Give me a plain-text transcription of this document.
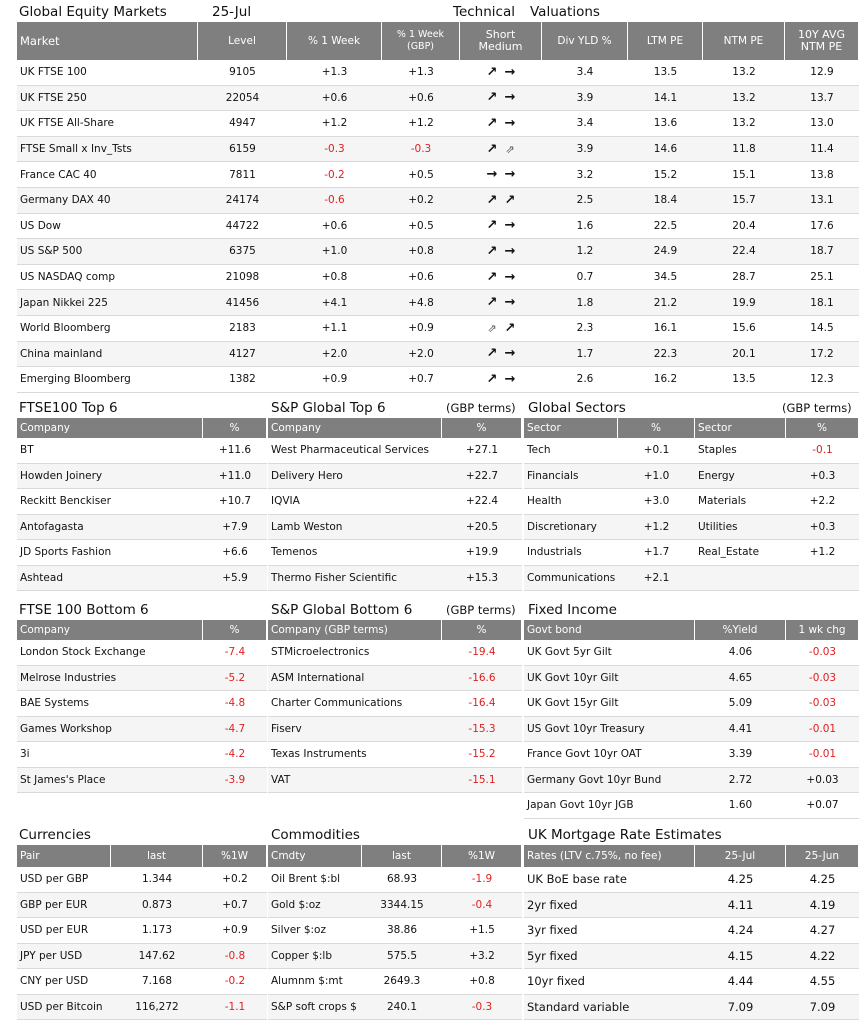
Global Equity Markets	25-Jul	Technical Valuations
Market	Level	% 1 Week	% 1 Week (GBP)	Short Medium	Div YLD %	LTM PE	NTM PE	10Y AVG NTM PE
UK FTSE 100	9105	+1.3	+1.3	↗ →	3.4	13.5	13.2	12.9
UK FTSE 250	22054	+0.6	+0.6	↗ →	3.9	14.1	13.2	13.7
UK FTSE All-Share	4947	+1.2	+1.2	↗ →	3.4	13.6	13.2	13.0
FTSE Small x Inv_Tsts	6159	-0.3	-0.3	↗ ⇗	3.9	14.6	11.8	11.4
France CAC 40	7811	-0.2	+0.5	→ →	3.2	15.2	15.1	13.8
Germany DAX 40	24174	-0.6	+0.2	↗ ↗	2.5	18.4	15.7	13.1
US Dow	44722	+0.6	+0.5	↗ →	1.6	22.5	20.4	17.6
US S&P 500	6375	+1.0	+0.8	↗ →	1.2	24.9	22.4	18.7
US NASDAQ comp	21098	+0.8	+0.6	↗ →	0.7	34.5	28.7	25.1
Japan Nikkei 225	41456	+4.1	+4.8	↗ →	1.8	21.2	19.9	18.1
World Bloomberg	2183	+1.1	+0.9	⇗ ↗	2.3	16.1	15.6	14.5
China mainland	4127	+2.0	+2.0	↗ →	1.7	22.3	20.1	17.2
Emerging Bloomberg	1382	+0.9	+0.7	↗ →	2.6	16.2	13.5	12.3
FTSE100 Top 6
Company	%
BT	+11.6
Howden Joinery	+11.0
Reckitt Benckiser	+10.7
Antofagasta	+7.9
JD Sports Fashion	+6.6
Ashtead	+5.9
S&P Global Top 6	(GBP terms)
Company	%
West Pharmaceutical Services	+27.1
Delivery Hero	+22.7
IQVIA	+22.4
Lamb Weston	+20.5
Temenos	+19.9
Thermo Fisher Scientific	+15.3
Global Sectors	(GBP terms)
Sector	%	Sector	%
Tech	+0.1	Staples	-0.1
Financials	+1.0	Energy	+0.3
Health	+3.0	Materials	+2.2
Discretionary	+1.2	Utilities	+0.3
Industrials	+1.7	Real_Estate	+1.2
Communications	+2.1		
FTSE 100 Bottom 6
Company	%
London Stock Exchange	-7.4
Melrose Industries	-5.2
BAE Systems	-4.8
Games Workshop	-4.7
3i	-4.2
St James's Place	-3.9
S&P Global Bottom 6	(GBP terms)
Company (GBP terms)	%
STMicroelectronics	-19.4
ASM International	-16.6
Charter Communications	-16.4
Fiserv	-15.3
Texas Instruments	-15.2
VAT	-15.1
Fixed Income
Govt bond	%Yield	1 wk chg
UK Govt 5yr Gilt	4.06	-0.03
UK Govt 10yr Gilt	4.65	-0.03
UK Govt 15yr Gilt	5.09	-0.03
US Govt 10yr Treasury	4.41	-0.01
France Govt 10yr OAT	3.39	-0.01
Germany Govt 10yr Bund	2.72	+0.03
Japan Govt 10yr JGB	1.60	+0.07
Currencies
Pair	last	%1W
USD per GBP	1.344	+0.2
GBP per EUR	0.873	+0.7
USD per EUR	1.173	+0.9
JPY per USD	147.62	-0.8
CNY per USD	7.168	-0.2
USD per Bitcoin	116,272	-1.1
Commodities
Cmdty	last	%1W
Oil Brent $:bl	68.93	-1.9
Gold $:oz	3344.15	-0.4
Silver $:oz	38.86	+1.5
Copper $:lb	575.5	+3.2
Alumnm $:mt	2649.3	+0.8
S&P soft crops $	240.1	-0.3
UK Mortgage Rate Estimates
Rates (LTV c.75%, no fee)	25-Jul	25-Jun
UK BoE base rate	4.25	4.25
2yr fixed	4.11	4.19
3yr fixed	4.24	4.27
5yr fixed	4.15	4.22
10yr fixed	4.44	4.55
Standard variable	7.09	7.09
